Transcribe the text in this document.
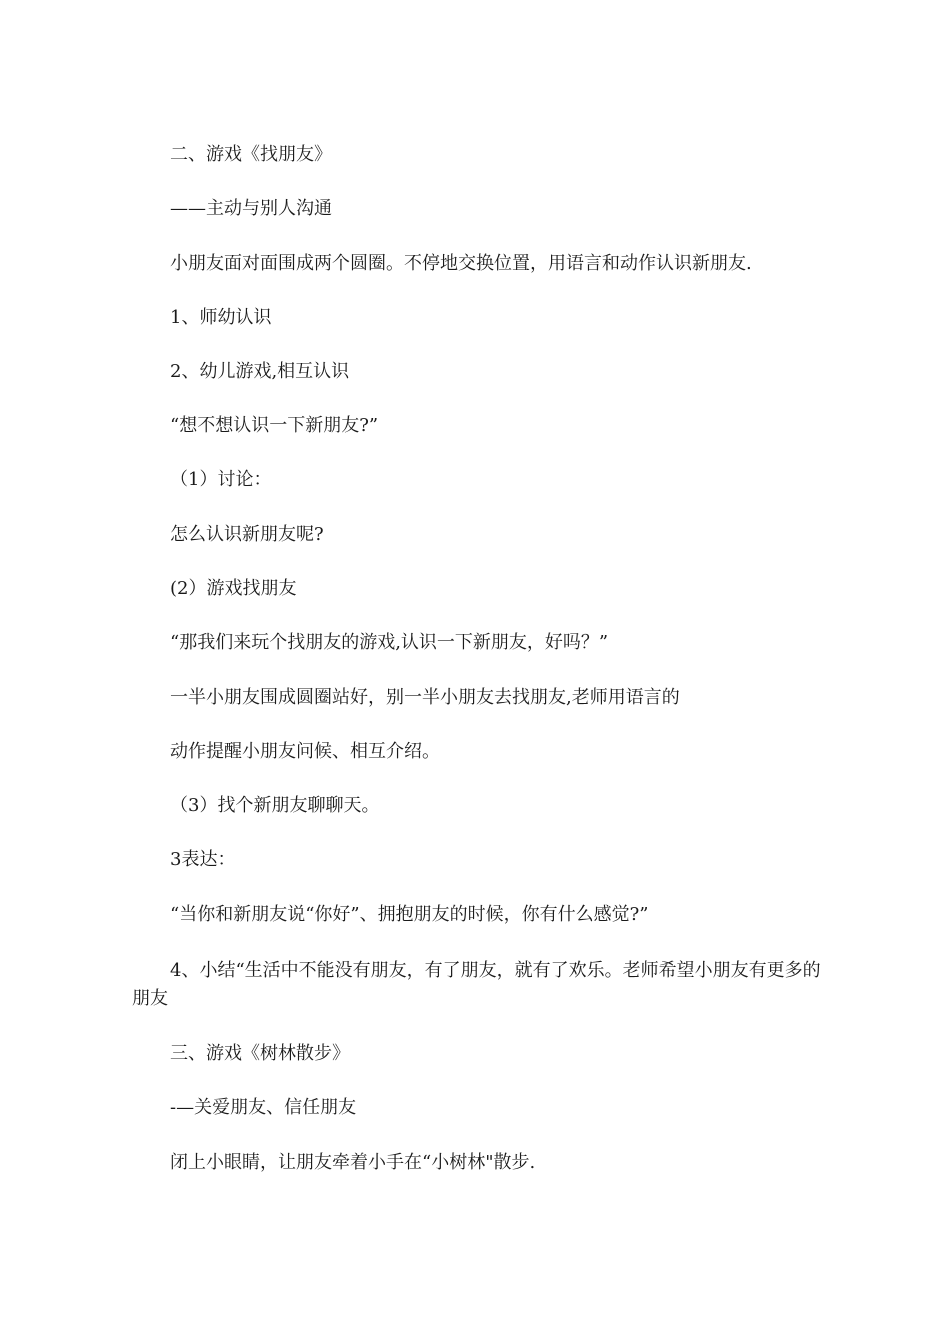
二、游戏《找朋友》
——主动与别人沟通
小朋友面对面围成两个圆圈。不停地交换位置，用语言和动作认识新朋友.
1、师幼认识
2、幼儿游戏,相互认识
“想不想认识一下新朋友?”
（1）讨论：
怎么认识新朋友呢?
(2）游戏找朋友
“那我们来玩个找朋友的游戏,认识一下新朋友，好吗？”
一半小朋友围成圆圈站好，别一半小朋友去找朋友,老师用语言的
动作提醒小朋友问候、相互介绍。
（3）找个新朋友聊聊天。
3表达：
“当你和新朋友说“你好”、拥抱朋友的时候，你有什么感觉?”
4、小结“生活中不能没有朋友，有了朋友，就有了欢乐。老师希望小朋友有更多的朋友
三、游戏《树林散步》
-—关爱朋友、信任朋友
闭上小眼睛，让朋友牵着小手在“小树林"散步.
